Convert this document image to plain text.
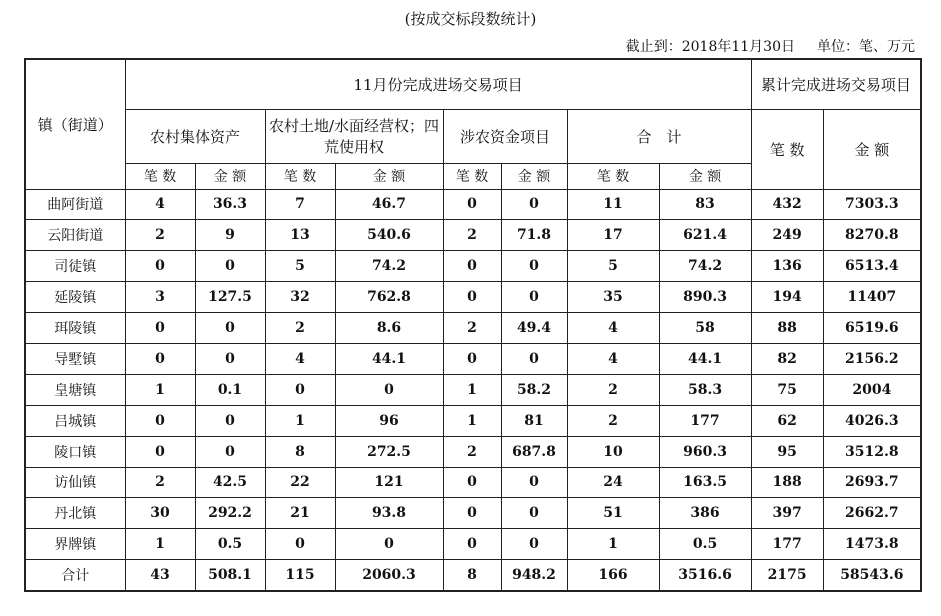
(按成交标段数统计)
截止到：2018年11月30日 单位：笔、万元
镇（街道）	11月份完成进场交易项目								累计完成进场交易项目	
	农村集体资产		农村土地/水面经营权；四荒使用权		涉农资金项目		合　计		笔 数	金 额
	笔 数	金 额	笔 数	金 额	笔 数	金 额	笔 数	金 额		
曲阿街道	4	36.3	7	46.7	0	0	11	83	432	7303.3
云阳街道	2	9	13	540.6	2	71.8	17	621.4	249	8270.8
司徒镇	0	0	5	74.2	0	0	5	74.2	136	6513.4
延陵镇	3	127.5	32	762.8	0	0	35	890.3	194	11407
珥陵镇	0	0	2	8.6	2	49.4	4	58	88	6519.6
导墅镇	0	0	4	44.1	0	0	4	44.1	82	2156.2
皇塘镇	1	0.1	0	0	1	58.2	2	58.3	75	2004
吕城镇	0	0	1	96	1	81	2	177	62	4026.3
陵口镇	0	0	8	272.5	2	687.8	10	960.3	95	3512.8
访仙镇	2	42.5	22	121	0	0	24	163.5	188	2693.7
丹北镇	30	292.2	21	93.8	0	0	51	386	397	2662.7
界牌镇	1	0.5	0	0	0	0	1	0.5	177	1473.8
合计	43	508.1	115	2060.3	8	948.2	166	3516.6	2175	58543.6
